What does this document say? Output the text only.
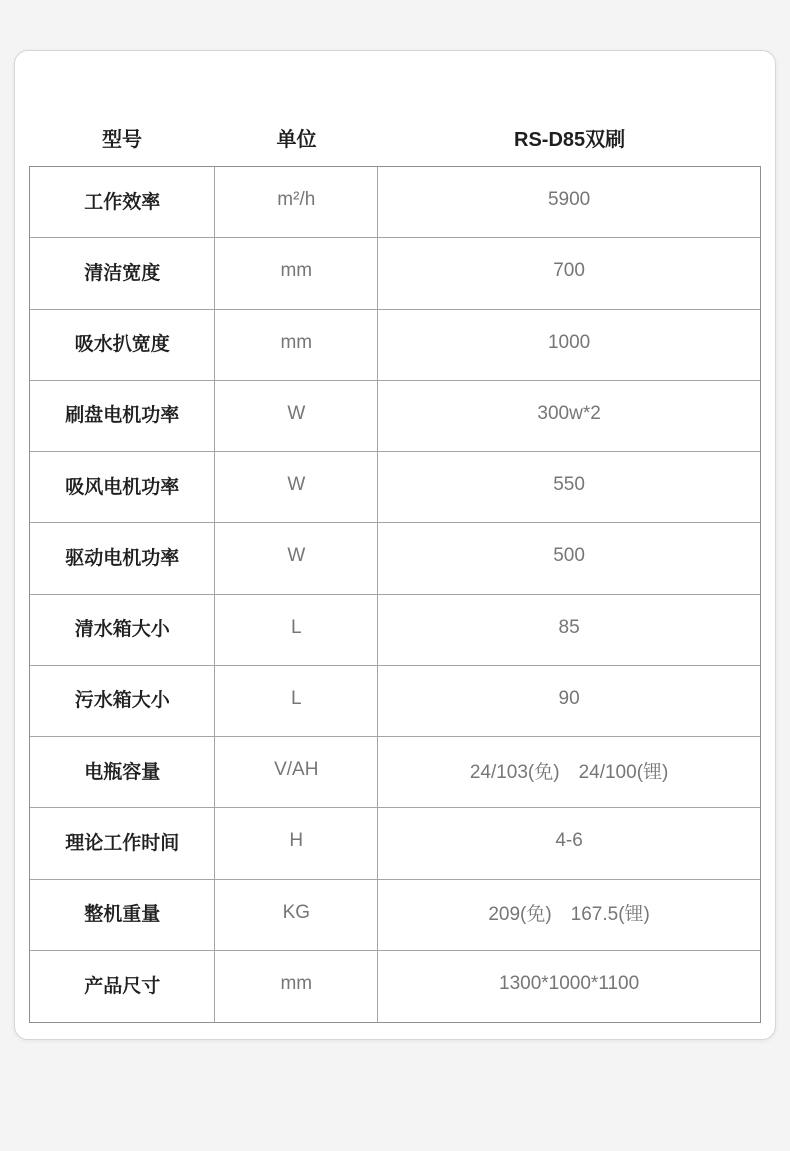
型号	单位	RS-D85双刷
工作效率	m²/h	5900
清洁宽度	mm	700
吸水扒宽度	mm	1000
刷盘电机功率	W	300w*2
吸风电机功率	W	550
驱动电机功率	W	500
清水箱大小	L	85
污水箱大小	L	90
电瓶容量	V/AH	24/103(免)　24/100(锂)
理论工作时间	H	4-6
整机重量	KG	209(免)　167.5(锂)
产品尺寸	mm	1300*1000*1100
